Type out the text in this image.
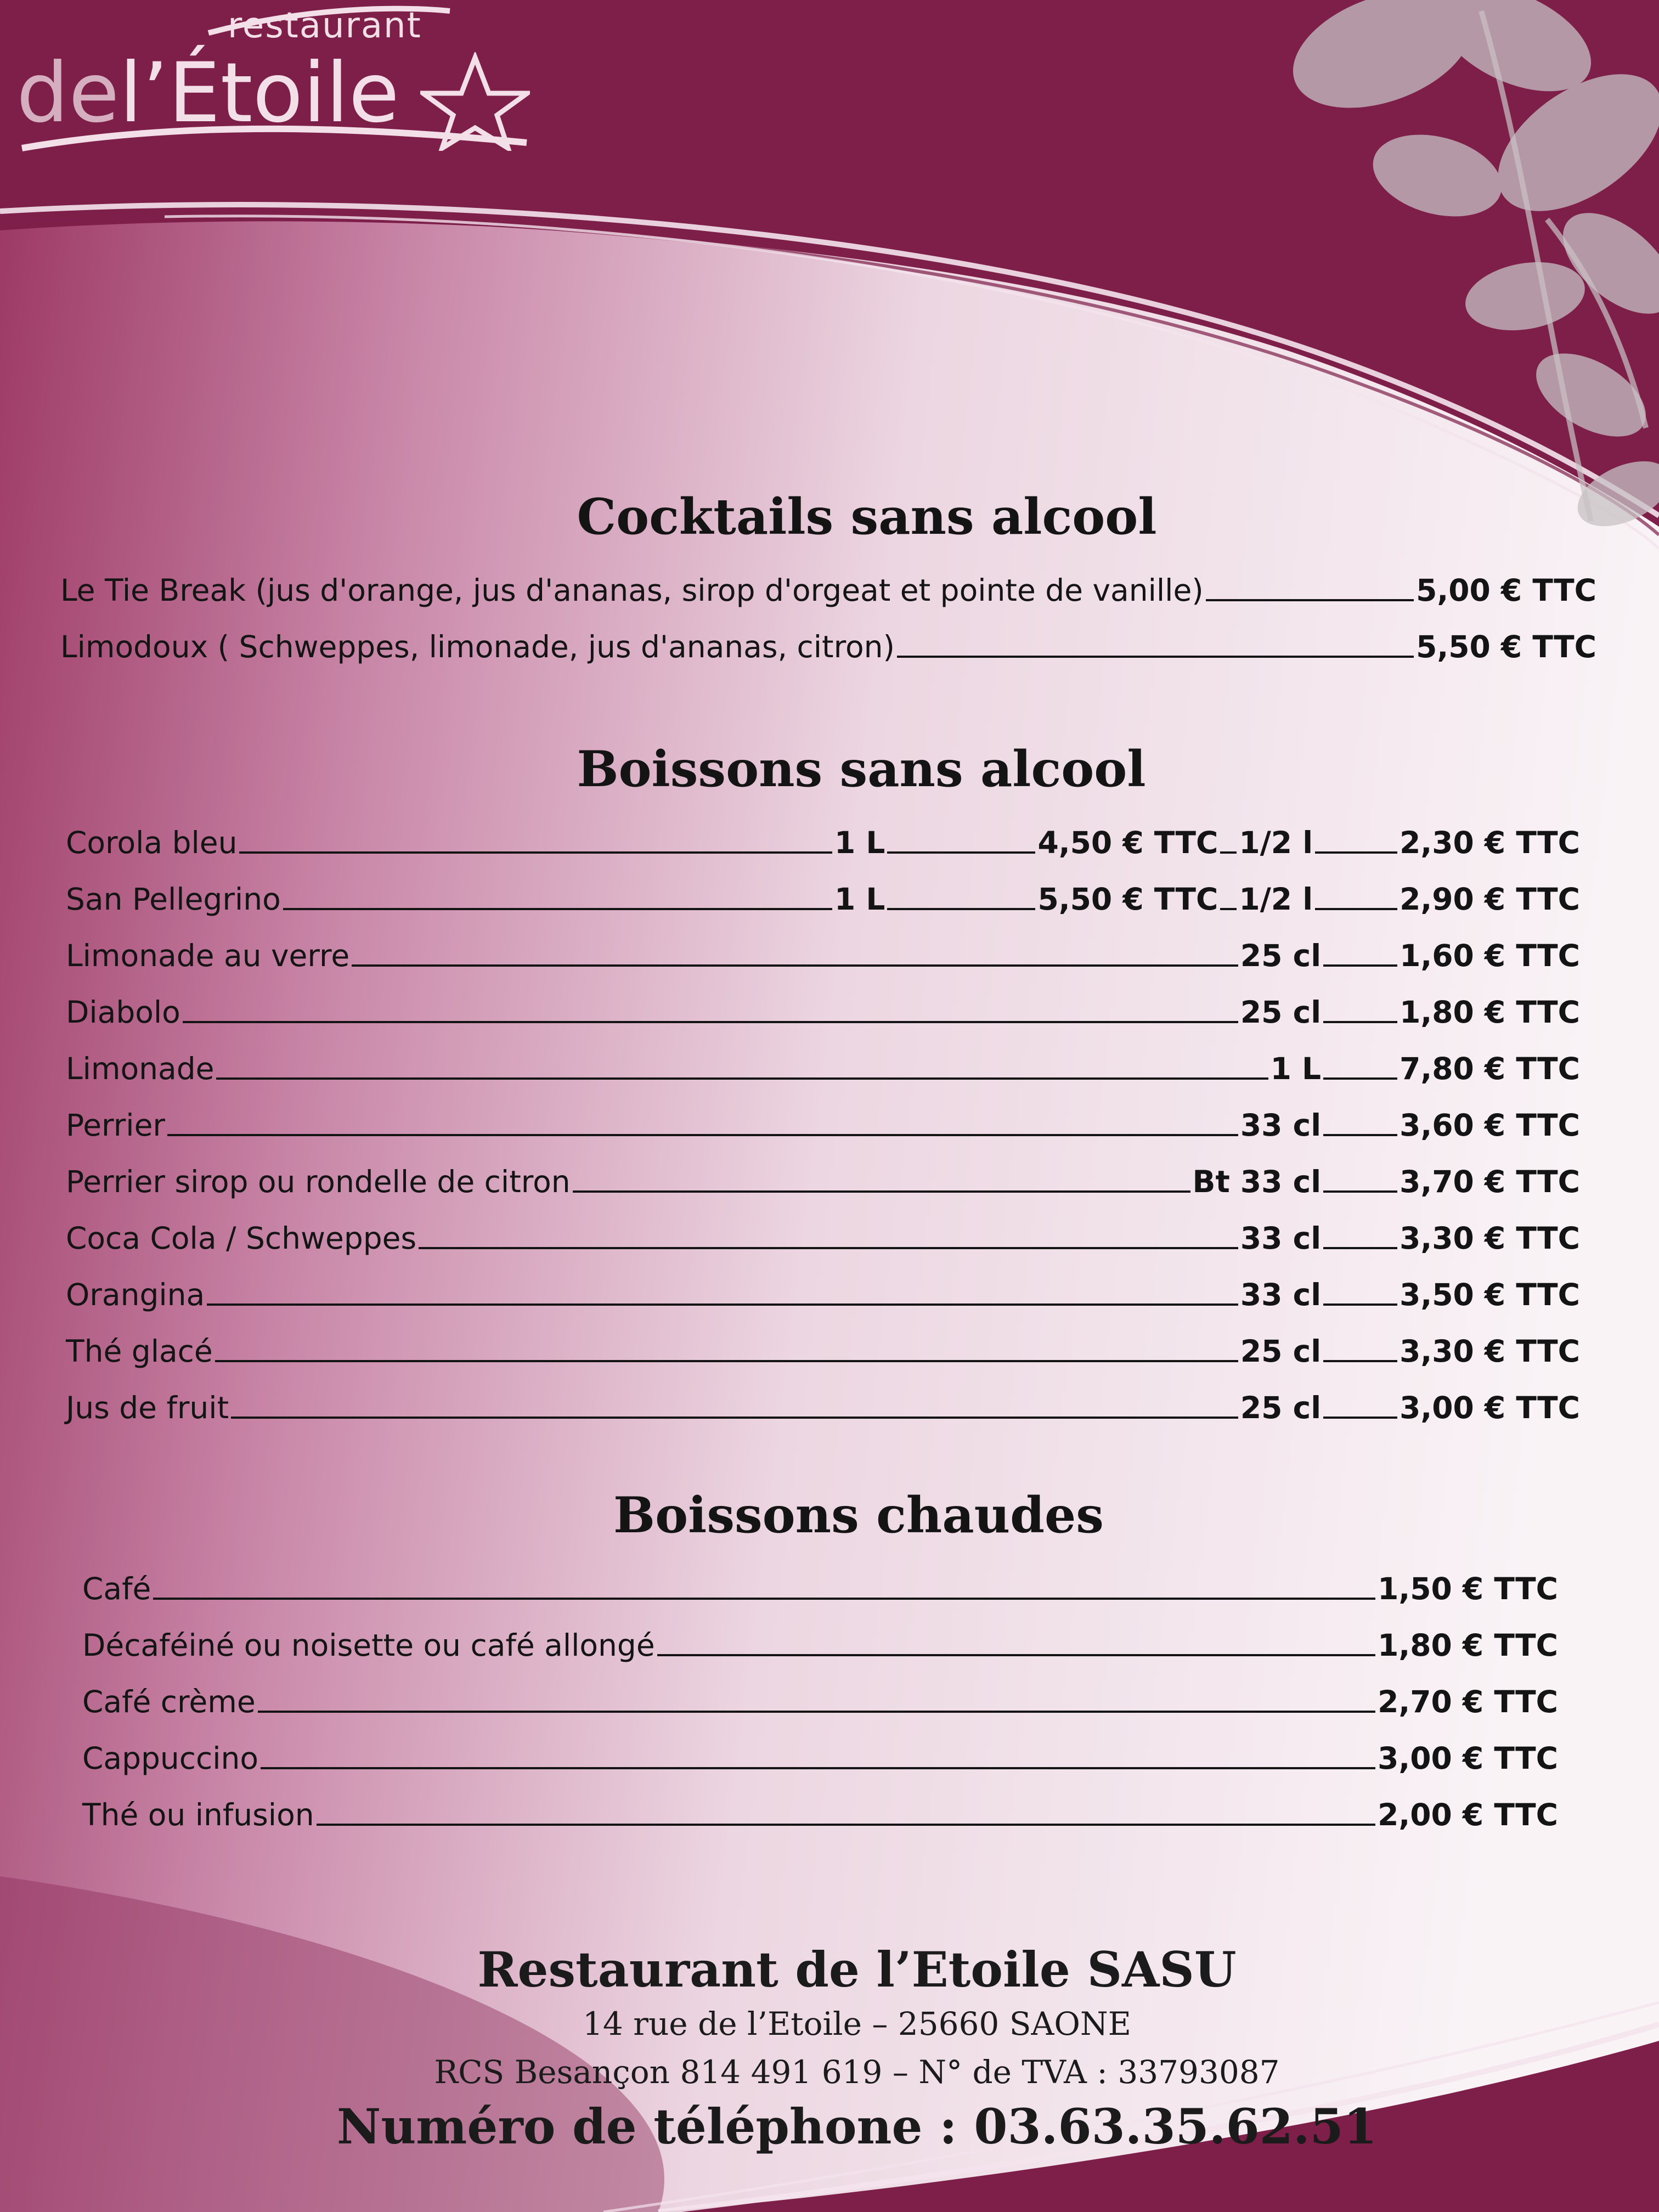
restaurant
del’Étoile
Cocktails sans alcool
Le Tie Break (jus d'orange, jus d'ananas, sirop d'orgeat et pointe de vanille)	5,00 € TTC
Limodoux ( Schweppes, limonade, jus d'ananas, citron)	5,50 € TTC
Boissons sans alcool
Corola bleu	1 L	4,50 € TTC 1/2 l	2,30 € TTC
San Pellegrino	1 L	5,50 € TTC 1/2 l	2,90 € TTC
Limonade au verre	25 cl	1,60 € TTC
Diabolo	25 cl	1,80 € TTC
Limonade	1 L	7,80 € TTC
Perrier	33 cl	3,60 € TTC
Perrier sirop ou rondelle de citron	Bt 33 cl	3,70 € TTC
Coca Cola / Schweppes	33 cl	3,30 € TTC
Orangina	33 cl	3,50 € TTC
Thé glacé	25 cl	3,30 € TTC
Jus de fruit	25 cl	3,00 € TTC
Boissons chaudes
Café	1,50 € TTC
Décaféiné ou noisette ou café allongé	1,80 € TTC
Café crème	2,70 € TTC
Cappuccino	3,00 € TTC
Thé ou infusion	2,00 € TTC
Restaurant de l’Etoile SASU
14 rue de l’Etoile – 25660 SAONE
RCS Besançon 814 491 619 – N° de TVA : 33793087
Numéro de téléphone : 03.63.35.62.51
